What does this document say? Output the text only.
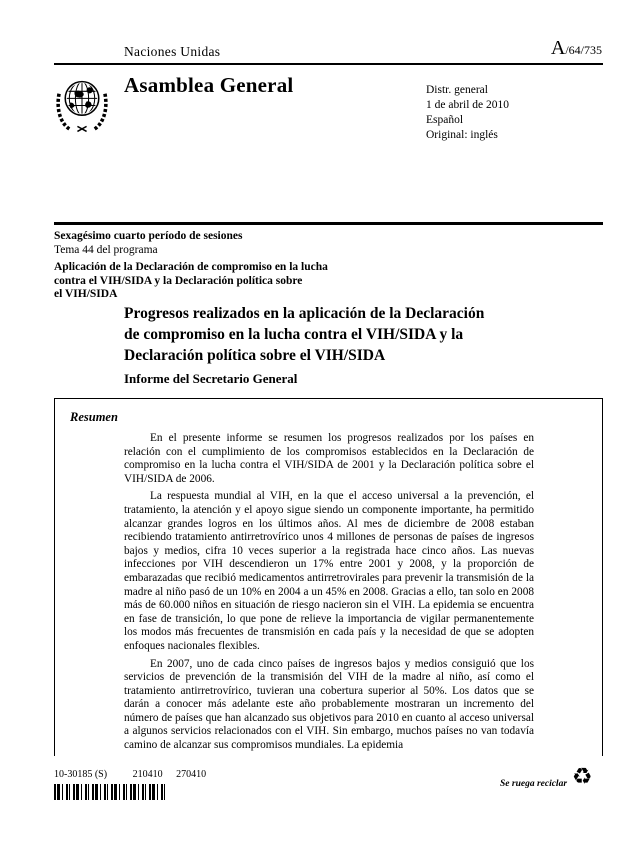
Naciones Unidas	A/64/735
Asamblea General	Distr. general
1 de abril de 2010
Español
Original: inglés
Sexagésimo cuarto período de sesiones
Tema 44 del programa
Aplicación de la Declaración de compromiso en la lucha
contra el VIH/SIDA y la Declaración política sobre
el VIH/SIDA
Progresos realizados en la aplicación de la Declaración
de compromiso en la lucha contra el VIH/SIDA y la
Declaración política sobre el VIH/SIDA
Informe del Secretario General
Resumen

En el presente informe se resumen los progresos realizados por los países en relación con el cumplimiento de los compromisos establecidos en la Declaración de compromiso en la lucha contra el VIH/SIDA de 2001 y la Declaración política sobre el VIH/SIDA de 2006.

La respuesta mundial al VIH, en la que el acceso universal a la prevención, el tratamiento, la atención y el apoyo sigue siendo un componente importante, ha permitido alcanzar grandes logros en los últimos años. Al mes de diciembre de 2008 estaban recibiendo tratamiento antirretrovírico unos 4 millones de personas de países de ingresos bajos y medios, cifra 10 veces superior a la registrada hace cinco años. Las nuevas infecciones por VIH descendieron un 17% entre 2001 y 2008, y la proporción de embarazadas que recibió medicamentos antirretrovirales para prevenir la transmisión de la madre al niño pasó de un 10% en 2004 a un 45% en 2008. Gracias a ello, tan solo en 2008 más de 60.000 niños en situación de riesgo nacieron sin el VIH. La epidemia se encuentra en fase de transición, lo que pone de relieve la importancia de vigilar permanentemente los modos más frecuentes de transmisión en cada país y la necesidad de que se adopten enfoques nacionales flexibles.

En 2007, uno de cada cinco países de ingresos bajos y medios consiguió que los servicios de prevención de la transmisión del VIH de la madre al niño, así como el tratamiento antirretrovírico, tuvieran una cobertura superior al 50%. Los datos que se darán a conocer más adelante este año probablemente mostraran un incremento del número de países que han alcanzado sus objetivos para 2010 en cuanto al acceso universal a algunos servicios relacionados con el VIH. Sin embargo, muchos países no van todavía camino de alcanzar sus compromisos mundiales. La epidemia

10-30185 (S)	210410 270410
Se ruega reciclar ♻
